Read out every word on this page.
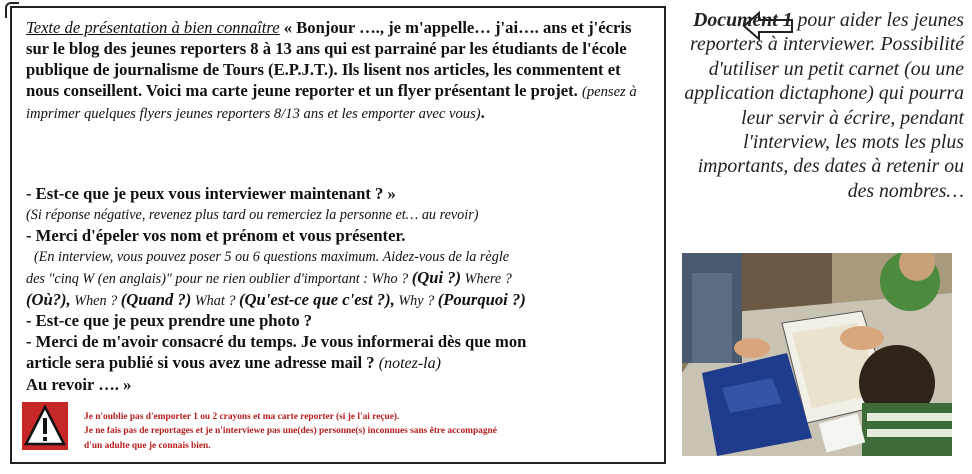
Texte de présentation à bien connaître « Bonjour …., je m'appelle… j'ai…. ans et j'écris sur le blog des jeunes reporters 8 à 13 ans qui est parrainé par les étudiants de l'école publique de journalisme de Tours (E.P.J.T.). Ils lisent nos articles, les commentent et nous conseillent. Voici ma carte jeune reporter et un flyer présentant le projet. (pensez à imprimer quelques flyers jeunes reporters 8/13 ans et les emporter avec vous).
- Est-ce que je peux vous interviewer maintenant ? »
(Si réponse négative, revenez plus tard ou remerciez la personne et… au revoir)
- Merci d'épeler vos nom et prénom et vous présenter.
(En interview, vous pouvez poser 5 ou 6 questions maximum. Aidez-vous de la règle
des "cinq W (en anglais)" pour ne rien oublier d'important : Who ? (Qui ?) Where ?
(Où?), When ? (Quand ?) What ? (Qu'est-ce que c'est ?), Why ? (Pourquoi ?)
- Est-ce que je peux prendre une photo ?
- Merci de m'avoir consacré du temps. Je vous informerai dès que mon
article sera publié si vous avez une adresse mail ? (notez-la)
Au revoir …. »
Je n'oublie pas d'emporter 1 ou 2 crayons et ma carte reporter (si je l'ai reçue).
Je ne fais pas de reportages et je n'interviewe pas une(des) personne(s) inconnues sans être accompagné
d'un adulte que je connais bien.
Document 1 pour aider les jeunes reporters à interviewer. Possibilité d'utiliser un petit carnet (ou une application dictaphone) qui pourra leur servir à écrire, pendant l'interview, les mots les plus importants, des dates à retenir ou des nombres…
